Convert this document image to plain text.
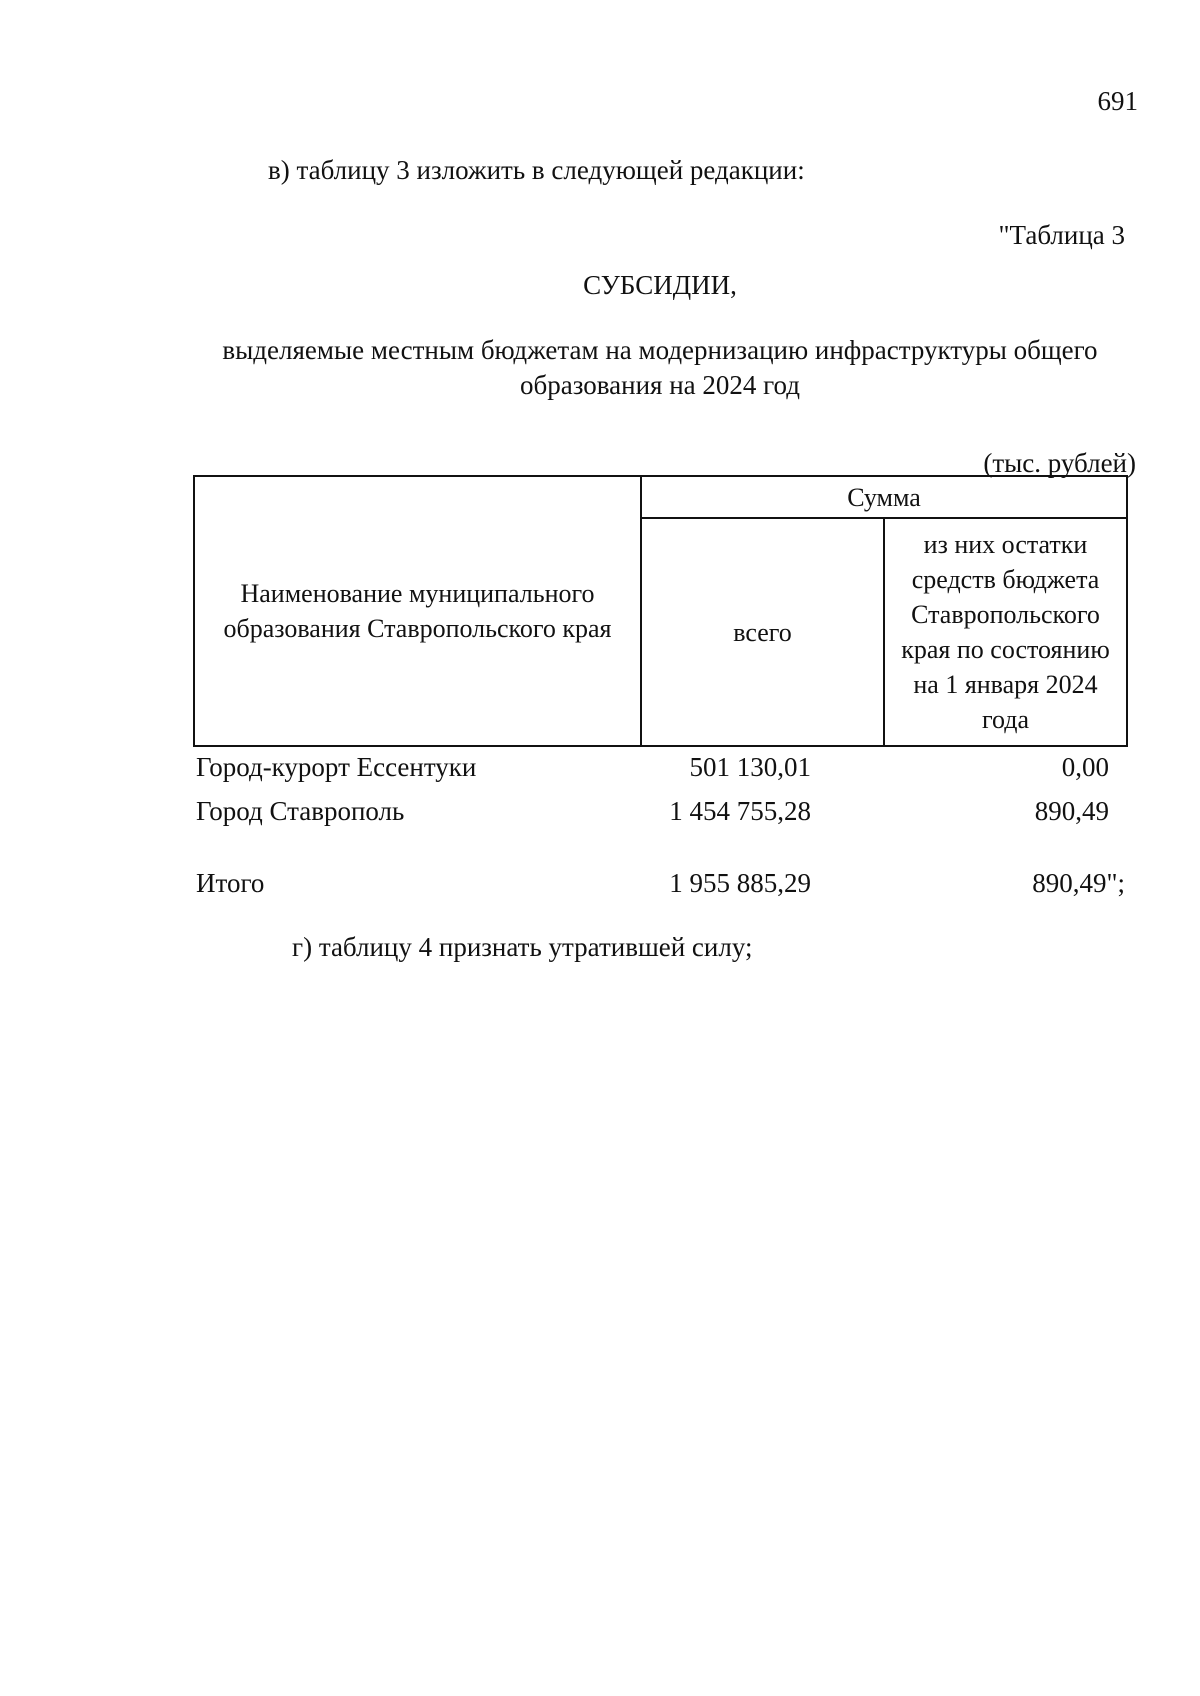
691
в) таблицу 3 изложить в следующей редакции:
"Таблица 3
СУБСИДИИ,
выделяемые местным бюджетам на модернизацию инфраструктуры общего образования на 2024 год
(тыс. рублей)
Наименование муниципального образования Ставропольского края	Сумма	
	всего	из них остатки средств бюджета Ставропольского края по состоянию на 1 января 2024 года
Город-курорт Ессентуки	501 130,01	0,00
Город Ставрополь	1 454 755,28	890,49
Итого	1 955 885,29	890,49";
г) таблицу 4 признать утратившей силу;
